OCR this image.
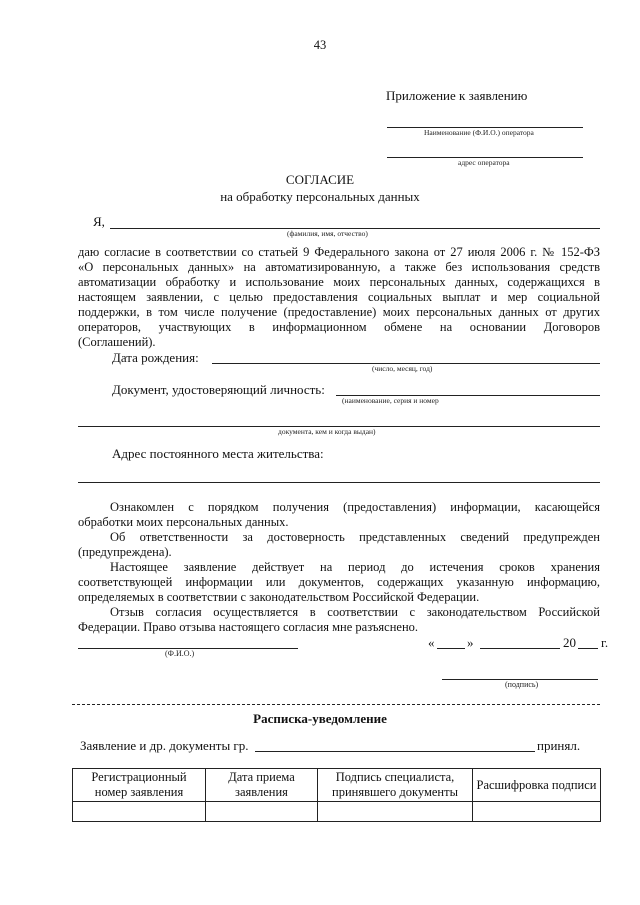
43
Приложение к заявлению
Наименование (Ф.И.О.) оператора
адрес оператора
СОГЛАСИЕ
на обработку персональных данных
Я,
(фамилия, имя, отчество)
даю согласие в соответствии со статьей 9 Федерального закона от 27 июля 2006 г. № 152-ФЗ
«О персональных данных» на автоматизированную, а также без использования средств
автоматизации обработку и использование моих персональных данных, содержащихся в
настоящем заявлении, с целью предоставления социальных выплат и мер социальной
поддержки, в том числе получение (предоставление) моих персональных данных от других
операторов, участвующих в информационном обмене на основании Договоров
(Соглашений).
Дата рождения:
(число, месяц, год)
Документ, удостоверяющий личность:
(наименование, серия и номер
документа, кем и когда выдан)
Адрес постоянного места жительства:
Ознакомлен с порядком получения (предоставления) информации, касающейся
обработки моих персональных данных.
Об ответственности за достоверность представленных сведений предупрежден
(предупреждена).
Настоящее заявление действует на период до истечения сроков хранения
соответствующей информации или документов, содержащих указанную информацию,
определяемых в соответствии с законодательством Российской Федерации.
Отзыв согласия осуществляется в соответствии с законодательством Российской
Федерации. Право отзыва настоящего согласия мне разъяснено.
(Ф.И.О.)
«	»	20 г.
(подпись)
Расписка-уведомление
Заявление и др. документы гр.	принял.
Регистрационный номер заявления	Дата приема заявления	Подпись специалиста, принявшего документы	Расшифровка подписи
